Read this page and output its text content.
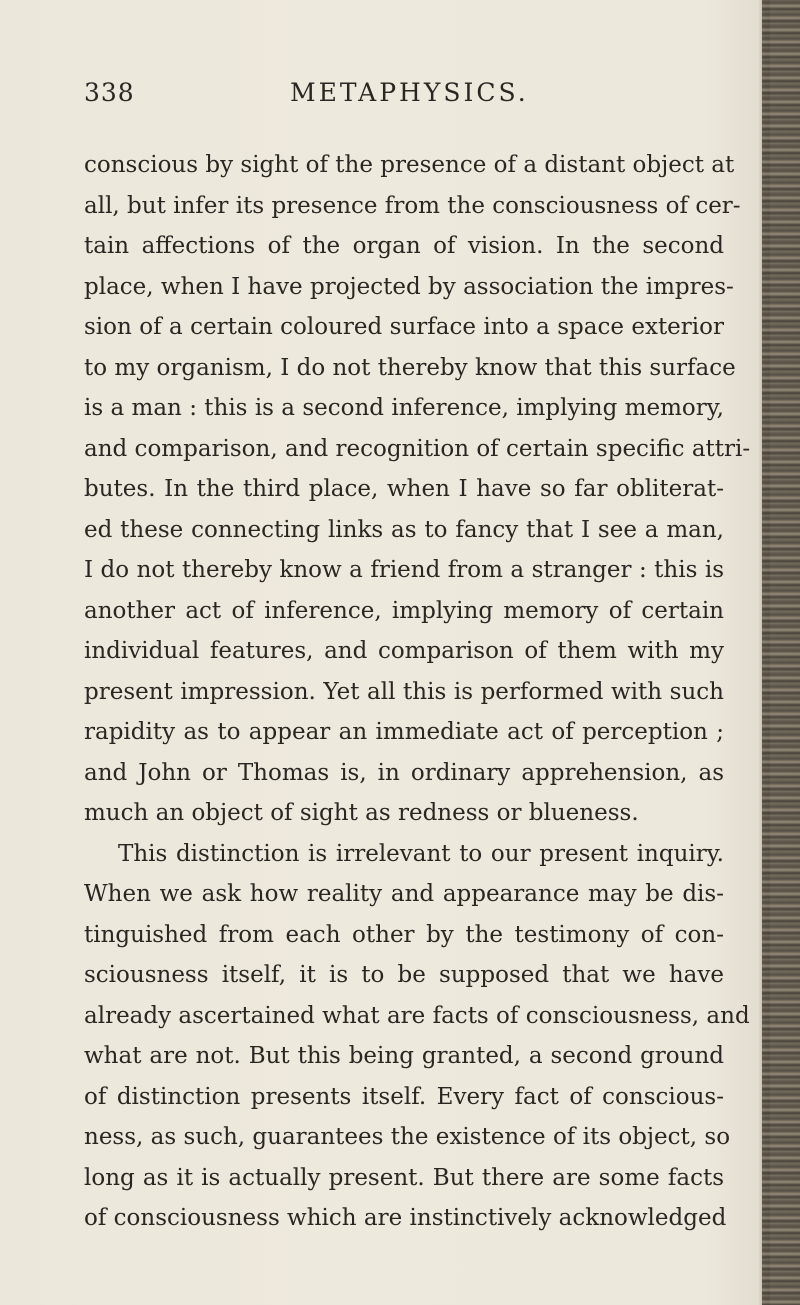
338	METAPHYSICS.
conscious by sight of the presence of a distant object at
all, but infer its presence from the consciousness of cer-
tain affections of the organ of vision. In the second
place, when I have projected by association the impres-
sion of a certain coloured surface into a space exterior
to my organism, I do not thereby know that this surface
is a man : this is a second inference, implying memory,
and comparison, and recognition of certain specific attri-
butes. In the third place, when I have so far obliterat-
ed these connecting links as to fancy that I see a man,
I do not thereby know a friend from a stranger : this is
another act of inference, implying memory of certain
individual features, and comparison of them with my
present impression. Yet all this is performed with such
rapidity as to appear an immediate act of perception ;
and John or Thomas is, in ordinary apprehension, as
much an object of sight as redness or blueness.
This distinction is irrelevant to our present inquiry.
When we ask how reality and appearance may be dis-
tinguished from each other by the testimony of con-
sciousness itself, it is to be supposed that we have
already ascertained what are facts of consciousness, and
what are not. But this being granted, a second ground
of distinction presents itself. Every fact of conscious-
ness, as such, guarantees the existence of its object, so
long as it is actually present. But there are some facts
of consciousness which are instinctively acknowledged
